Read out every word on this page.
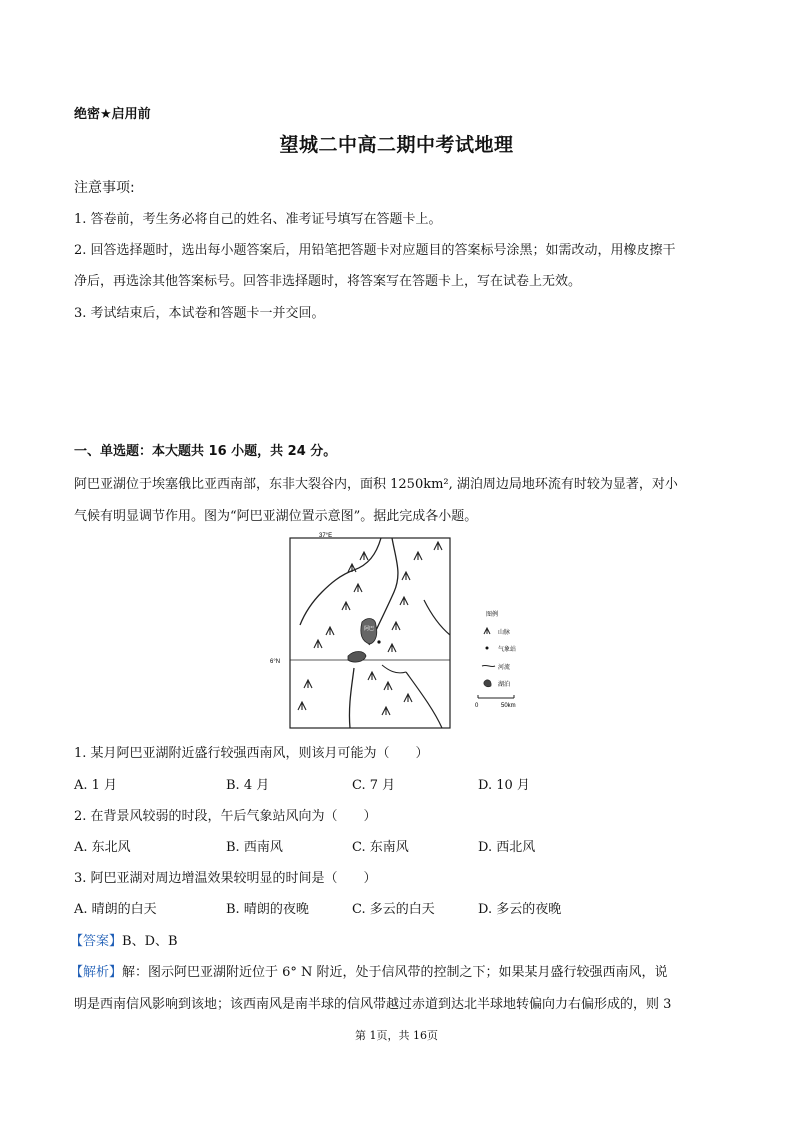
绝密★启用前
望城二中高二期中考试地理
注意事项:
1. 答卷前，考生务必将自己的姓名、准考证号填写在答题卡上。
2. 回答选择题时，选出每小题答案后，用铅笔把答题卡对应题目的答案标号涂黑；如需改动，用橡皮擦干
净后，再选涂其他答案标号。回答非选择题时，将答案写在答题卡上，写在试卷上无效。
3. 考试结束后，本试卷和答题卡一并交回。
一、单选题：本大题共 16 小题，共 24 分。
阿巴亚湖位于埃塞俄比亚西南部，东非大裂谷内，面积 1250km², 湖泊周边局地环流有时较为显著，对小
气候有明显调节作用。图为“阿巴亚湖位置示意图”。据此完成各小题。
37°E
6°N
阿巴
图例
山脉
气象站
河流
湖泊
0	50km
1. 某月阿巴亚湖附近盛行较强西南风，则该月可能为（　　）
A. 1 月	B. 4 月	C. 7 月	D. 10 月
2. 在背景风较弱的时段，午后气象站风向为（　　）
A. 东北风	B. 西南风	C. 东南风	D. 西北风
3. 阿巴亚湖对周边增温效果较明显的时间是（　　）
A. 晴朗的白天	B. 晴朗的夜晚	C. 多云的白天	D. 多云的夜晚
【答案】B、D、B
【解析】解：图示阿巴亚湖附近位于 6° N 附近，处于信风带的控制之下；如果某月盛行较强西南风，说
明是西南信风影响到该地；该西南风是南半球的信风带越过赤道到达北半球地转偏向力右偏形成的，则 3
第 1页，共 16页
